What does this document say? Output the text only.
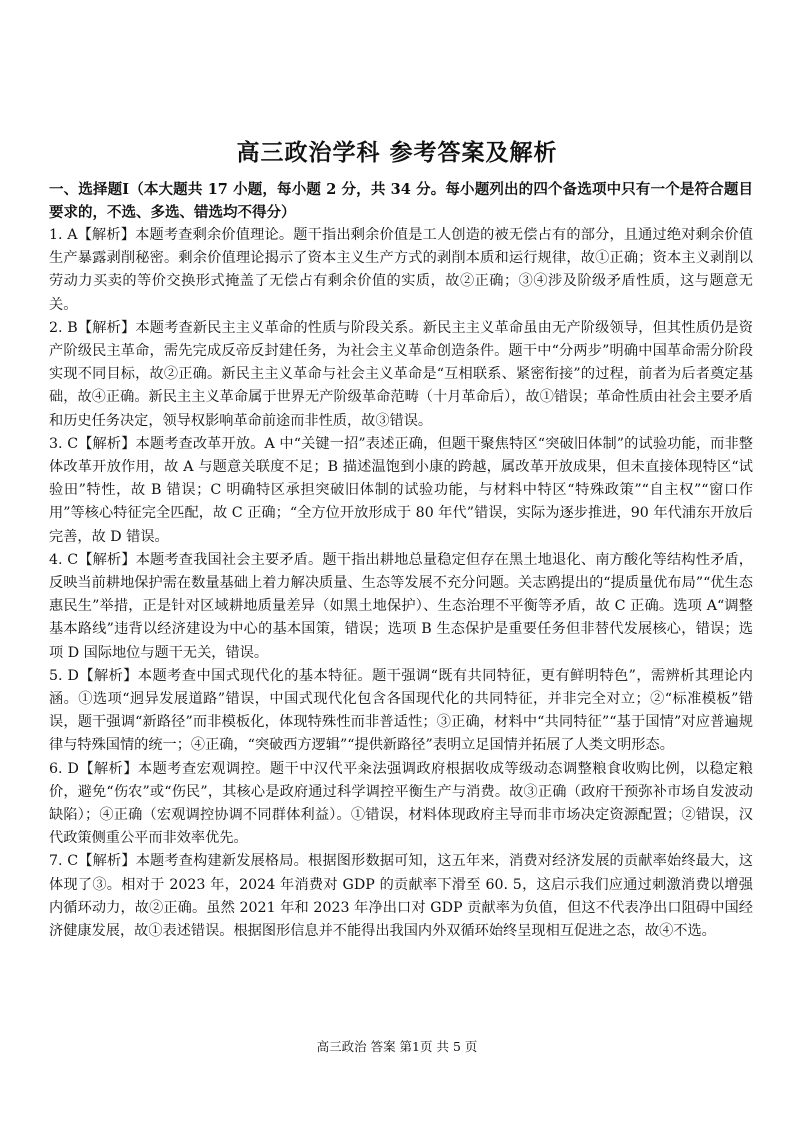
高三政治学科 参考答案及解析

一、选择题Ⅰ（本大题共 17 小题，每小题 2 分，共 34 分。每小题列出的四个备选项中只有一个是符合题目要求的，不选、多选、错选均不得分）

1. A【解析】本题考查剩余价值理论。题干指出剩余价值是工人创造的被无偿占有的部分，且通过绝对剩余价值生产暴露剥削秘密。剩余价值理论揭示了资本主义生产方式的剥削本质和运行规律，故①正确；资本主义剥削以劳动力买卖的等价交换形式掩盖了无偿占有剩余价值的实质，故②正确；③④涉及阶级矛盾性质，这与题意无关。

2. B【解析】本题考查新民主主义革命的性质与阶段关系。新民主主义革命虽由无产阶级领导，但其性质仍是资产阶级民主革命，需先完成反帝反封建任务，为社会主义革命创造条件。题干中“分两步”明确中国革命需分阶段实现不同目标，故②正确。新民主主义革命与社会主义革命是“互相联系、紧密衔接”的过程，前者为后者奠定基础，故④正确。新民主主义革命属于世界无产阶级革命范畴（十月革命后），故①错误；革命性质由社会主要矛盾和历史任务决定，领导权影响革命前途而非性质，故③错误。

3. C【解析】本题考查改革开放。A 中“关键一招”表述正确，但题干聚焦特区“突破旧体制”的试验功能，而非整体改革开放作用，故 A 与题意关联度不足；B 描述温饱到小康的跨越，属改革开放成果，但未直接体现特区“试验田”特性，故 B 错误；C 明确特区承担突破旧体制的试验功能，与材料中特区“特殊政策”“自主权”“窗口作用”等核心特征完全匹配，故 C 正确；“全方位开放形成于 80 年代”错误，实际为逐步推进，90 年代浦东开放后完善，故 D 错误。

4. C【解析】本题考查我国社会主要矛盾。题干指出耕地总量稳定但存在黑土地退化、南方酸化等结构性矛盾，反映当前耕地保护需在数量基础上着力解决质量、生态等发展不充分问题。关志鸥提出的“提质量优布局”“优生态惠民生”举措，正是针对区域耕地质量差异（如黑土地保护）、生态治理不平衡等矛盾，故 C 正确。选项 A“调整基本路线”违背以经济建设为中心的基本国策，错误；选项 B 生态保护是重要任务但非替代发展核心，错误；选项 D 国际地位与题干无关，错误。

5. D【解析】本题考查中国式现代化的基本特征。题干强调“既有共同特征，更有鲜明特色”，需辨析其理论内涵。①选项“迥异发展道路”错误，中国式现代化包含各国现代化的共同特征，并非完全对立；②“标准模板”错误，题干强调“新路径”而非模板化，体现特殊性而非普适性；③正确，材料中“共同特征”“基于国情”对应普遍规律与特殊国情的统一；④正确，“突破西方逻辑”“提供新路径”表明立足国情并拓展了人类文明形态。

6. D【解析】本题考查宏观调控。题干中汉代平籴法强调政府根据收成等级动态调整粮食收购比例，以稳定粮价，避免“伤农”或“伤民”，其核心是政府通过科学调控平衡生产与消费。故③正确（政府干预弥补市场自发波动缺陷）；④正确（宏观调控协调不同群体利益）。①错误，材料体现政府主导而非市场决定资源配置；②错误，汉代政策侧重公平而非效率优先。

7. C【解析】本题考查构建新发展格局。根据图形数据可知，这五年来，消费对经济发展的贡献率始终最大，这体现了③。相对于 2023 年，2024 年消费对 GDP 的贡献率下滑至 60. 5，这启示我们应通过刺激消费以增强内循环动力，故②正确。虽然 2021 年和 2023 年净出口对 GDP 贡献率为负值，但这不代表净出口阻碍中国经济健康发展，故①表述错误。根据图形信息并不能得出我国内外双循环始终呈现相互促进之态，故④不选。

高三政治 答案 第1页 共 5 页
